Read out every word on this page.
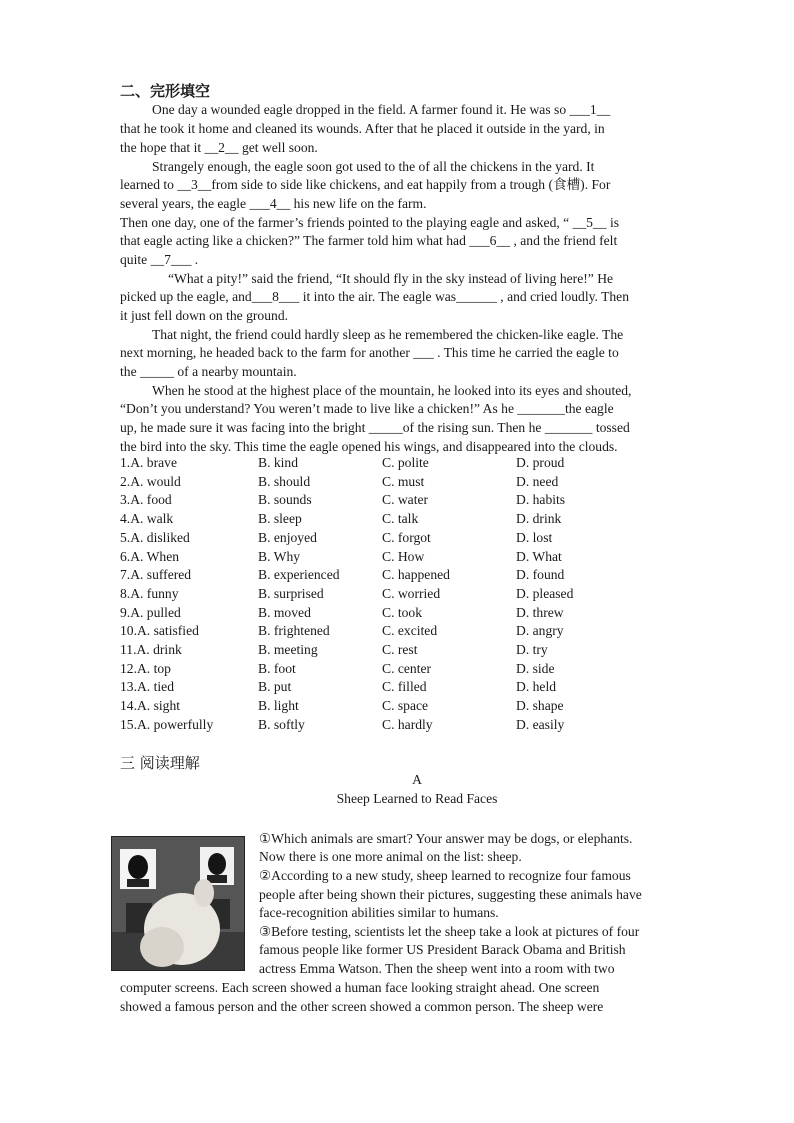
二、完形填空
One day a wounded eagle dropped in the field. A farmer found it. He was so ___1__
that he took it home and cleaned its wounds. After that he placed it outside in the yard, in
the hope that it __2__ get well soon.
Strangely enough, the eagle soon got used to the of all the chickens in the yard. It
learned to __3__from side to side like chickens, and eat happily from a trough (食槽). For
several years, the eagle ___4__ his new life on the farm.
Then one day, one of the farmer’s friends pointed to the playing eagle and asked, “ __5__ is
that eagle acting like a chicken?” The farmer told him what had ___6__ , and the friend felt
quite __7___ .
“What a pity!” said the friend, “It should fly in the sky instead of living here!” He
picked up the eagle, and___8___ it into the air. The eagle was______ , and cried loudly. Then
it just fell down on the ground.
That night, the friend could hardly sleep as he remembered the chicken-like eagle. The
next morning, he headed back to the farm for another ___ . This time he carried the eagle to
the _____ of a nearby mountain.
When he stood at the highest place of the mountain, he looked into its eyes and shouted,
“Don’t you understand? You weren’t made to live like a chicken!” As he _______the eagle
up, he made sure it was facing into the bright _____of the rising sun. Then he _______ tossed
the bird into the sky. This time the eagle opened his wings, and disappeared into the clouds.
1.A. brave	B. kind	C. polite	D. proud
2.A. would	B. should	C. must	D. need
3.A. food	B. sounds	C. water	D. habits
4.A. walk	B. sleep	C. talk	D. drink
5.A. disliked	B. enjoyed	C. forgot	D. lost
6.A. When	B. Why	C. How	D. What
7.A. suffered	B. experienced	C. happened	D. found
8.A. funny	B. surprised	C. worried	D. pleased
9.A. pulled	B. moved	C. took	D. threw
10.A. satisfied	B. frightened	C. excited	D. angry
11.A. drink	B. meeting	C. rest	D. try
12.A. top	B. foot	C. center	D. side
13.A. tied	B. put	C. filled	D. held
14.A. sight	B. light	C. space	D. shape
15.A. powerfully	B. softly	C. hardly	D. easily
三 阅读理解
A
Sheep Learned to Read Faces
①Which animals are smart? Your answer may be dogs, or elephants.
Now there is one more animal on the list: sheep.
②According to a new study, sheep learned to recognize four famous
people after being shown their pictures, suggesting these animals have
face-recognition abilities similar to humans.
③Before testing, scientists let the sheep take a look at pictures of four
famous people like former US President Barack Obama and British
actress Emma Watson. Then the sheep went into a room with two
computer screens. Each screen showed a human face looking straight ahead. One screen
showed a famous person and the other screen showed a common person. The sheep were
